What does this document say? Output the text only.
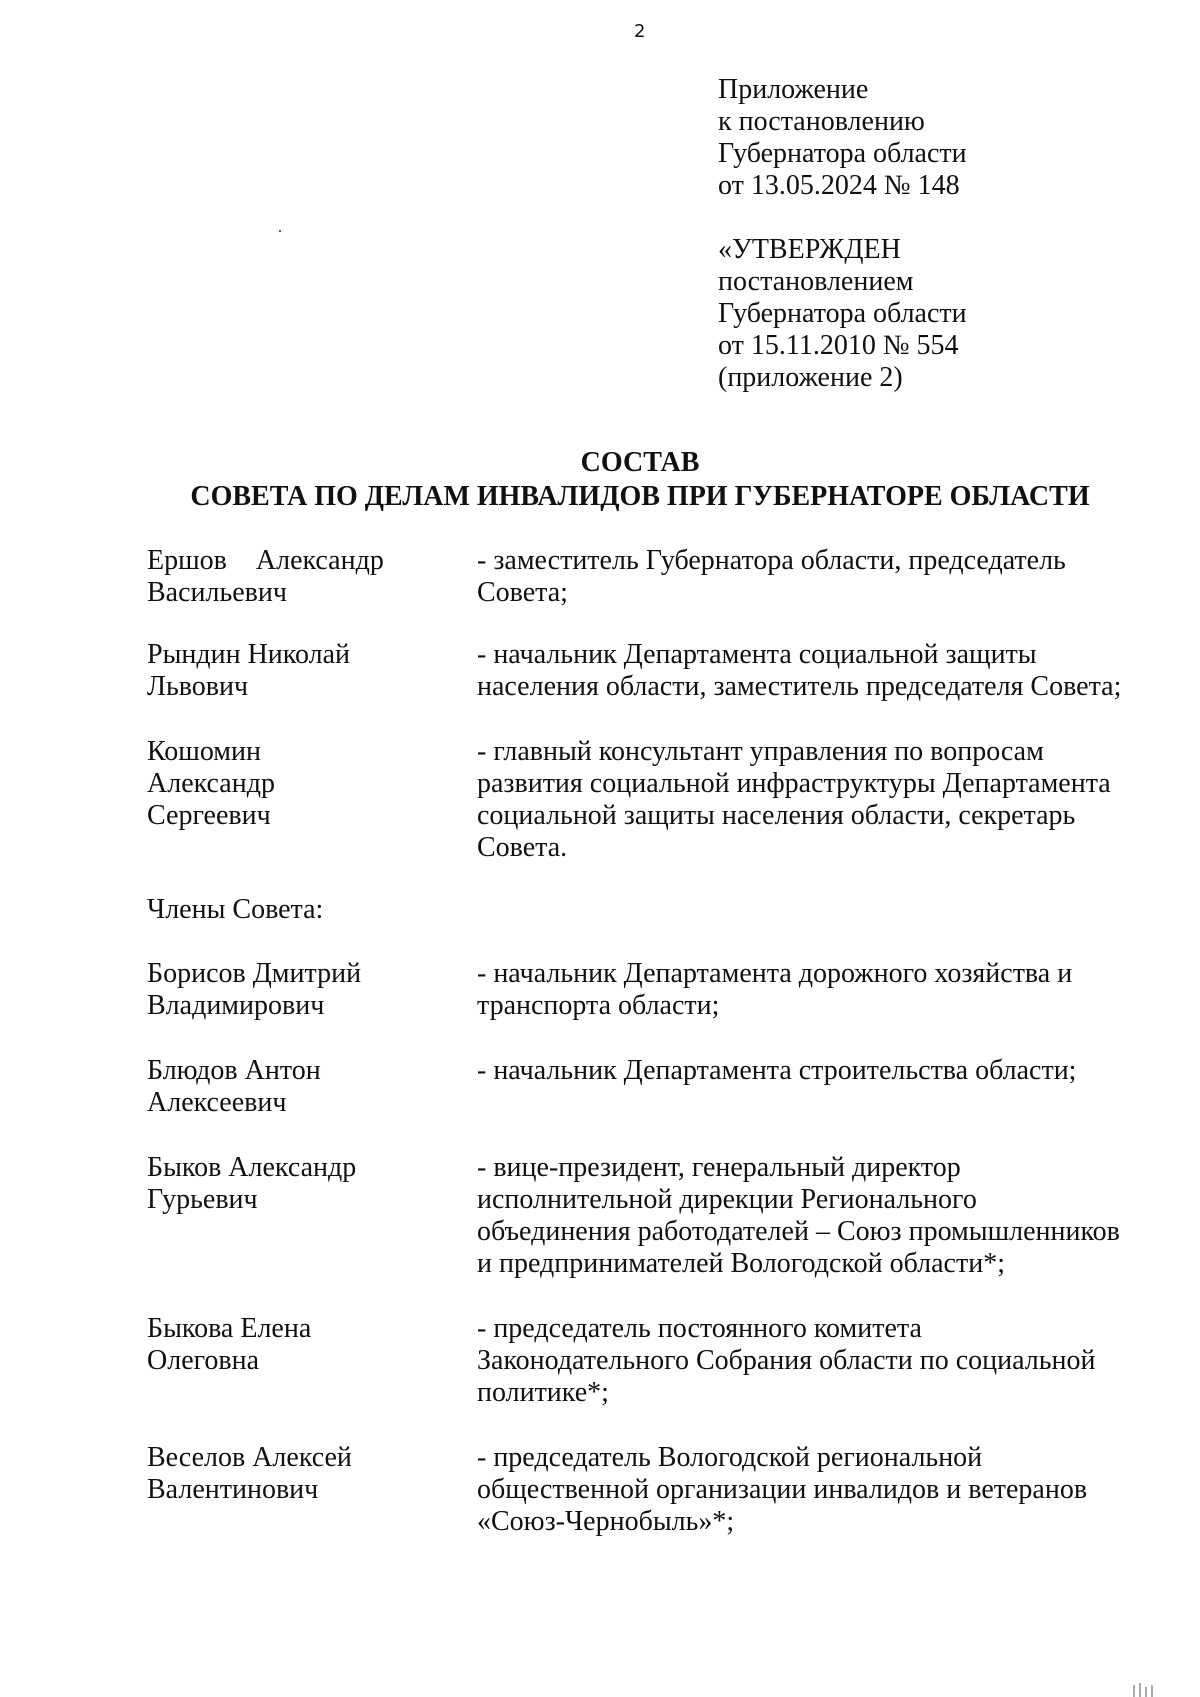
2
Приложение
к постановлению
Губернатора области
от 13.05.2024 № 148
«УТВЕРЖДЕН
постановлением
Губернатора области
от 15.11.2010 № 554
(приложение 2)
СОСТАВ
СОВЕТА ПО ДЕЛАМ ИНВАЛИДОВ ПРИ ГУБЕРНАТОРЕ ОБЛАСТИ
Ершов Александр
Васильевич
- заместитель Губернатора области, председатель
Совета;
Рындин Николай
Львович
- начальник Департамента социальной защиты
населения области, заместитель председателя Совета;
Кошомин
Александр
Сергеевич
- главный консультант управления по вопросам
развития социальной инфраструктуры Департамента
социальной защиты населения области, секретарь
Совета.
Члены Совета:
Борисов Дмитрий
Владимирович
- начальник Департамента дорожного хозяйства и
транспорта области;
Блюдов Антон
Алексеевич
- начальник Департамента строительства области;
Быков Александр
Гурьевич
- вице-президент, генеральный директор
исполнительной дирекции Регионального
объединения работодателей – Союз промышленников
и предпринимателей Вологодской области*;
Быкова Елена
Олеговна
- председатель постоянного комитета
Законодательного Собрания области по социальной
политике*;
Веселов Алексей
Валентинович
- председатель Вологодской региональной
общественной организации инвалидов и ветеранов
«Союз-Чернобыль»*;
